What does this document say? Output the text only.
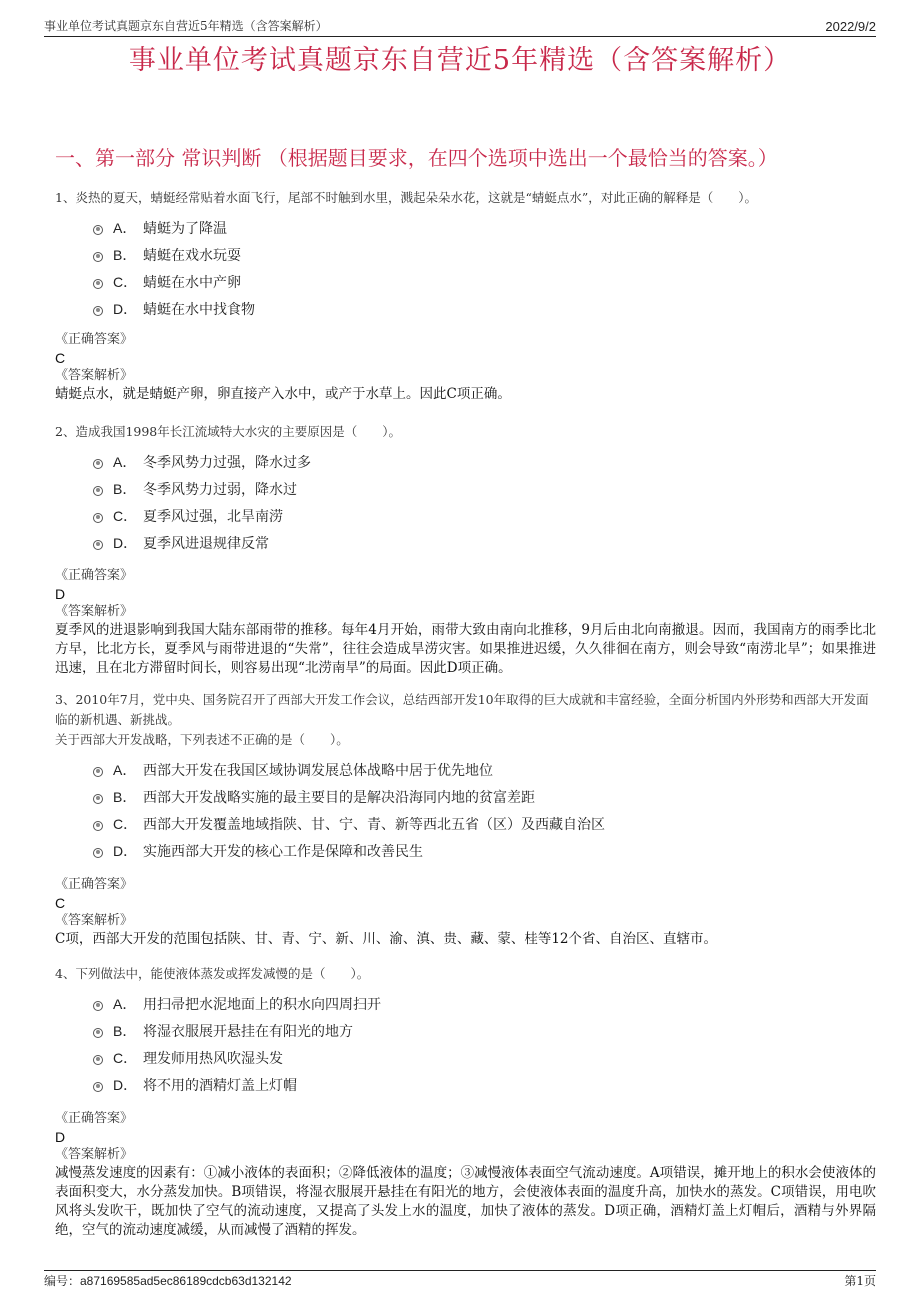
事业单位考试真题京东自营近5年精选（含答案解析）	2022/9/2
事业单位考试真题京东自营近5年精选（含答案解析）
一、第一部分 常识判断 （根据题目要求，在四个选项中选出一个最恰当的答案。）

1、炎热的夏天，蜻蜓经常贴着水面飞行，尾部不时触到水里，溅起朵朵水花，这就是“蜻蜓点水”，对此正确的解释是（　　）。

A． 蜻蜓为了降温
B． 蜻蜓在戏水玩耍
C． 蜻蜓在水中产卵
D． 蜻蜓在水中找食物

《正确答案》

C

《答案解析》

蜻蜓点水，就是蜻蜓产卵，卵直接产入水中，或产于水草上。因此C项正确。

2、造成我国1998年长江流域特大水灾的主要原因是（　　）。

A． 冬季风势力过强，降水过多
B． 冬季风势力过弱，降水过
C． 夏季风过强，北旱南涝
D． 夏季风进退规律反常

《正确答案》

D

《答案解析》

夏季风的进退影响到我国大陆东部雨带的推移。每年4月开始，雨带大致由南向北推移，9月后由北向南撤退。因而，我国南方的雨季比北方早，比北方长，夏季风与雨带进退的“失常”，往往会造成旱涝灾害。如果推进迟缓，久久徘徊在南方，则会导致“南涝北旱”；如果推进迅速，且在北方滞留时间长，则容易出现“北涝南旱”的局面。因此D项正确。

3、2010年7月，党中央、国务院召开了西部大开发工作会议，总结西部开发10年取得的巨大成就和丰富经验，全面分析国内外形势和西部大开发面临的新机遇、新挑战。

关于西部大开发战略，下列表述不正确的是（　　）。

A． 西部大开发在我国区域协调发展总体战略中居于优先地位
B． 西部大开发战略实施的最主要目的是解决沿海同内地的贫富差距
C． 西部大开发覆盖地域指陕、甘、宁、青、新等西北五省（区）及西藏自治区
D． 实施西部大开发的核心工作是保障和改善民生

《正确答案》

C

《答案解析》

C项，西部大开发的范围包括陕、甘、青、宁、新、川、渝、滇、贵、藏、蒙、桂等12个省、自治区、直辖市。

4、下列做法中，能使液体蒸发或挥发减慢的是（　　）。

A． 用扫帚把水泥地面上的积水向四周扫开
B． 将湿衣服展开悬挂在有阳光的地方
C． 理发师用热风吹湿头发
D． 将不用的酒精灯盖上灯帽

《正确答案》

D

《答案解析》

减慢蒸发速度的因素有：①减小液体的表面积；②降低液体的温度；③减慢液体表面空气流动速度。A项错误，摊开地上的积水会使液体的表面积变大，水分蒸发加快。B项错误，将湿衣服展开悬挂在有阳光的地方，会使液体表面的温度升高，加快水的蒸发。C项错误，用电吹风将头发吹干，既加快了空气的流动速度，又提高了头发上水的温度，加快了液体的蒸发。D项正确，酒精灯盖上灯帽后，酒精与外界隔绝，空气的流动速度减缓，从而减慢了酒精的挥发。

编号：a87169585ad5ec86189cdcb63d132142	第1页
